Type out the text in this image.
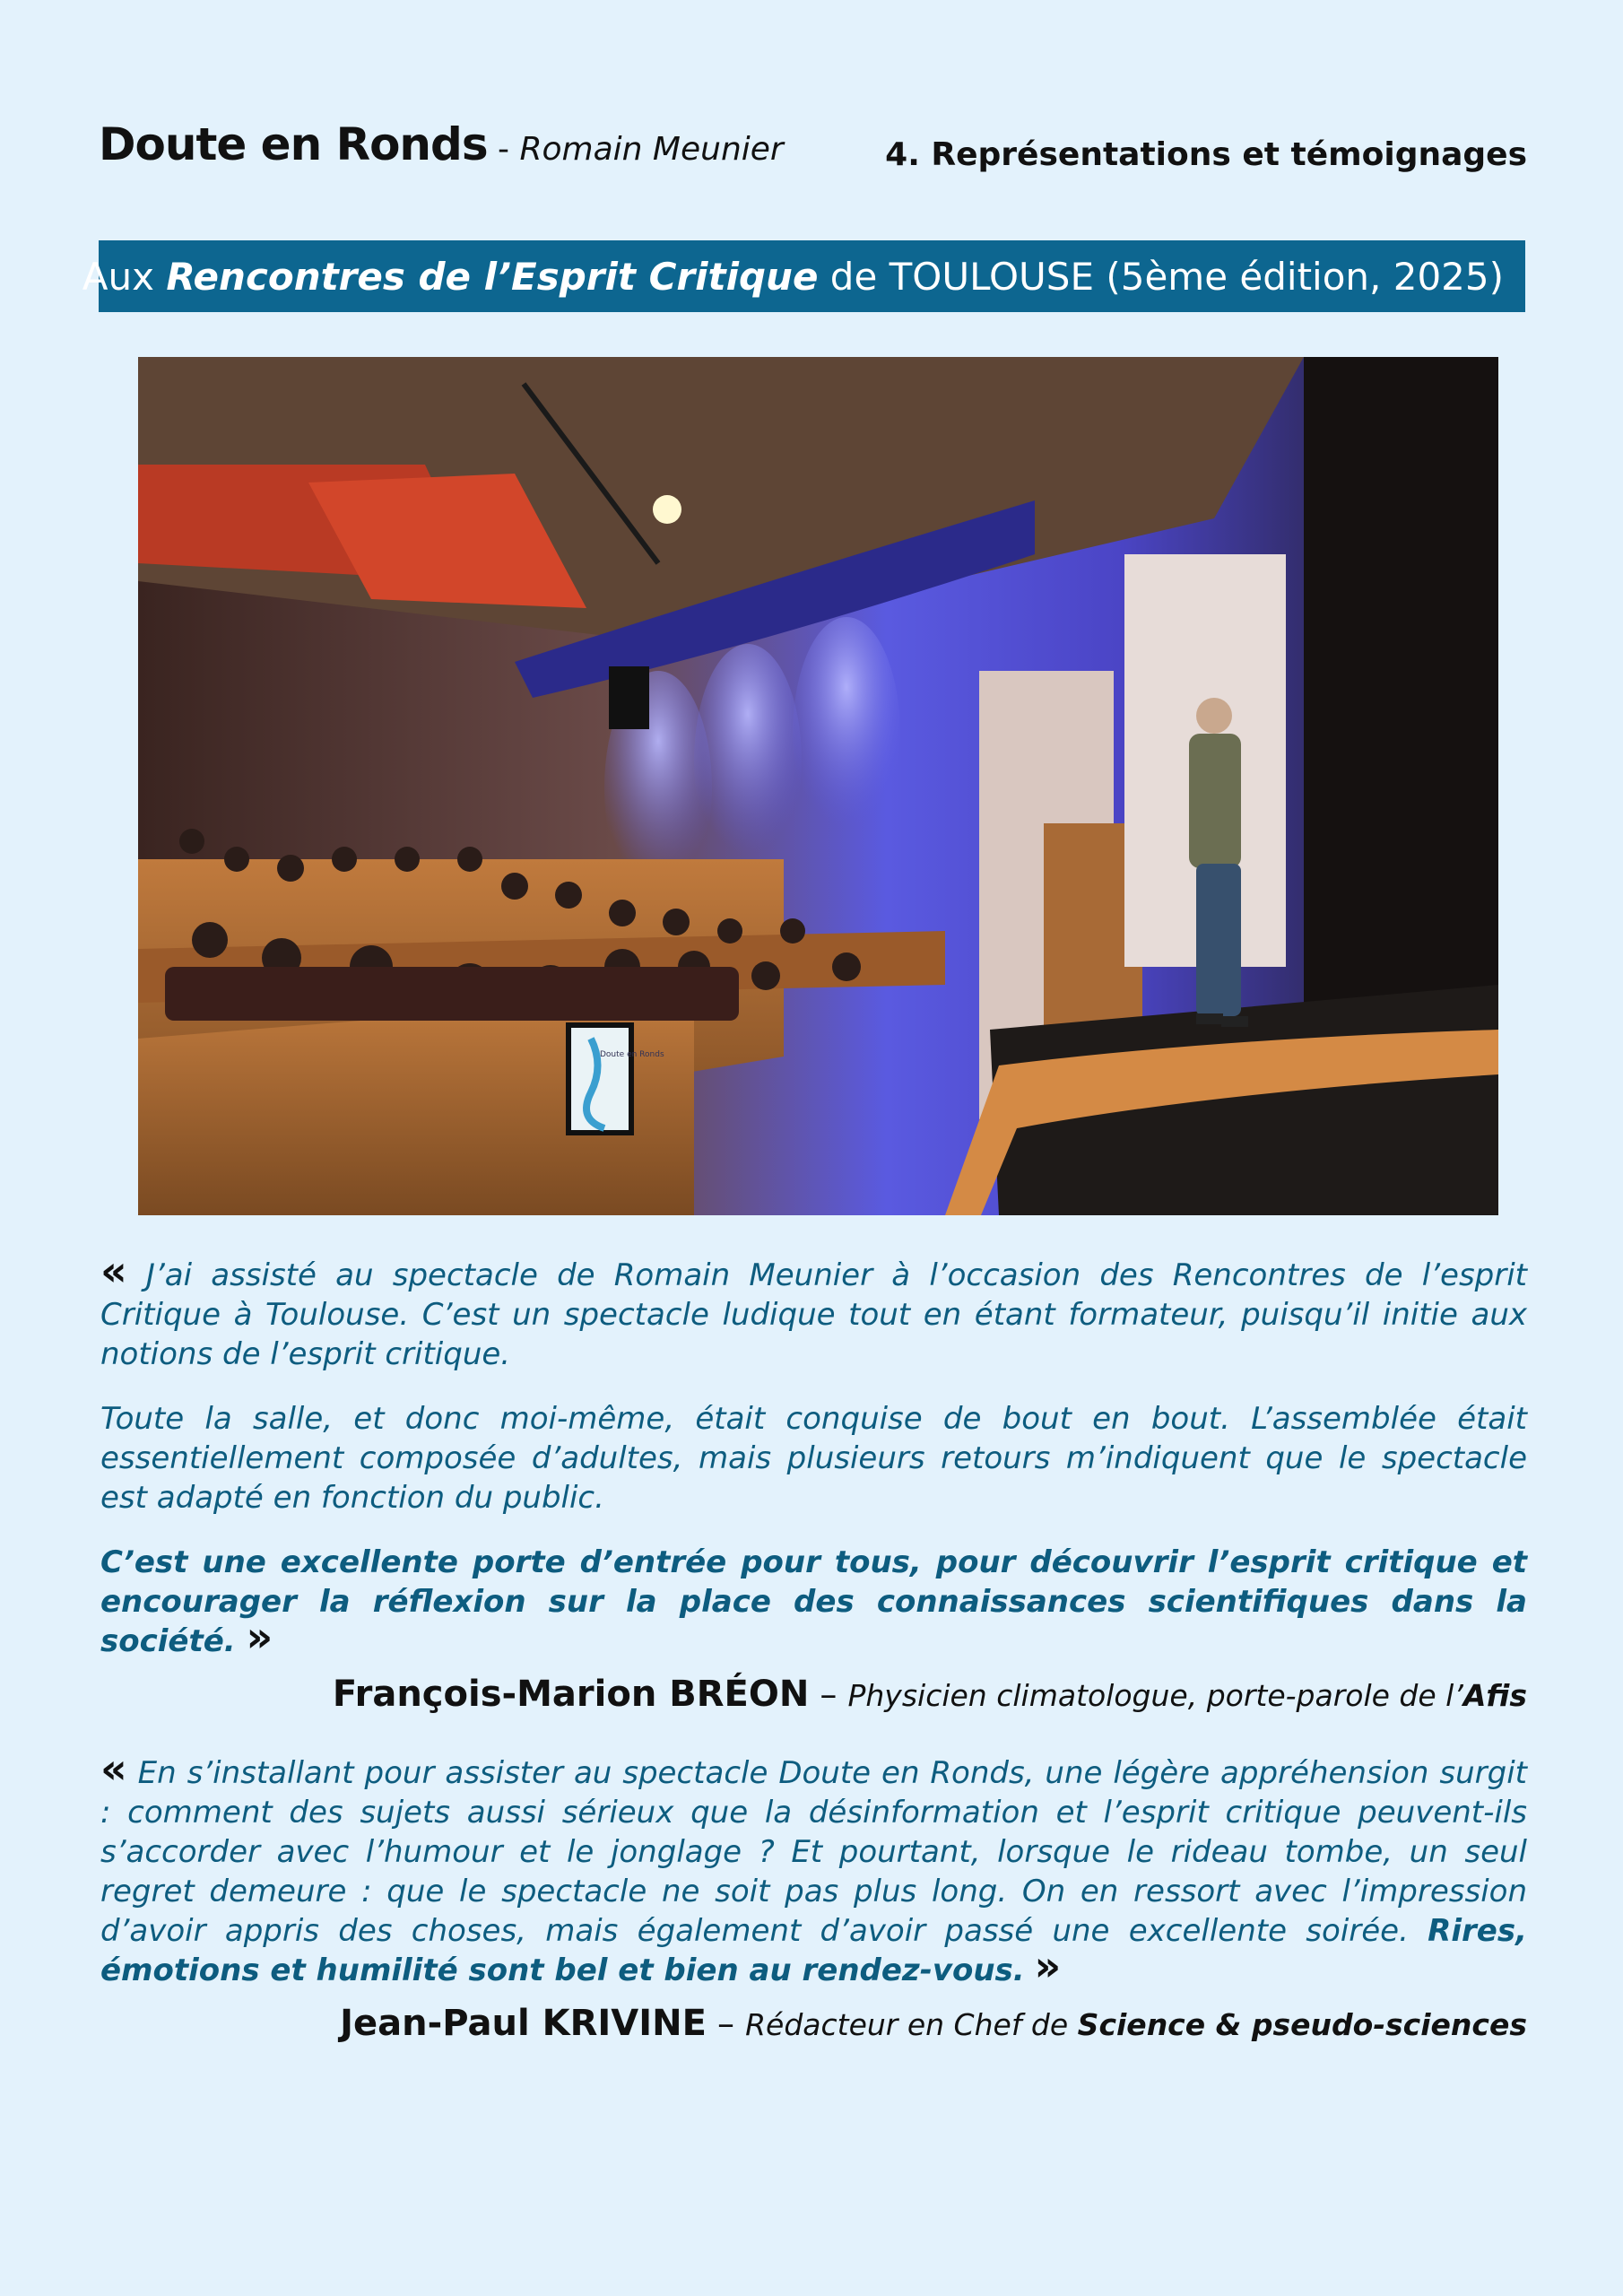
Doute en Ronds - Romain Meunier	4. Représentations et témoignages
Aux Rencontres de l’Esprit Critique de TOULOUSE (5ème édition, 2025)
Doute en Ronds

« J’ai assisté au spectacle de Romain Meunier à l’occasion des Rencontres de l’esprit Critique à Toulouse. C’est un spectacle ludique tout en étant formateur, puisqu’il initie aux notions de l’esprit critique.

Toute la salle, et donc moi-même, était conquise de bout en bout. L’assemblée était essentiellement composée d’adultes, mais plusieurs retours m’indiquent que le spectacle est adapté en fonction du public.

C’est une excellente porte d’entrée pour tous, pour découvrir l’esprit critique et encourager la réflexion sur la place des connaissances scientifiques dans la société. »

François-Marion BRÉON – Physicien climatologue, porte-parole de l’Afis

« En s’installant pour assister au spectacle Doute en Ronds, une légère appréhension surgit : comment des sujets aussi sérieux que la désinformation et l’esprit critique peuvent-ils s’accorder avec l’humour et le jonglage ? Et pourtant, lorsque le rideau tombe, un seul regret demeure : que le spectacle ne soit pas plus long. On en ressort avec l’impression d’avoir appris des choses, mais également d’avoir passé une excellente soirée. Rires, émotions et humilité sont bel et bien au rendez-vous. »

Jean-Paul KRIVINE – Rédacteur en Chef de Science & pseudo-sciences
